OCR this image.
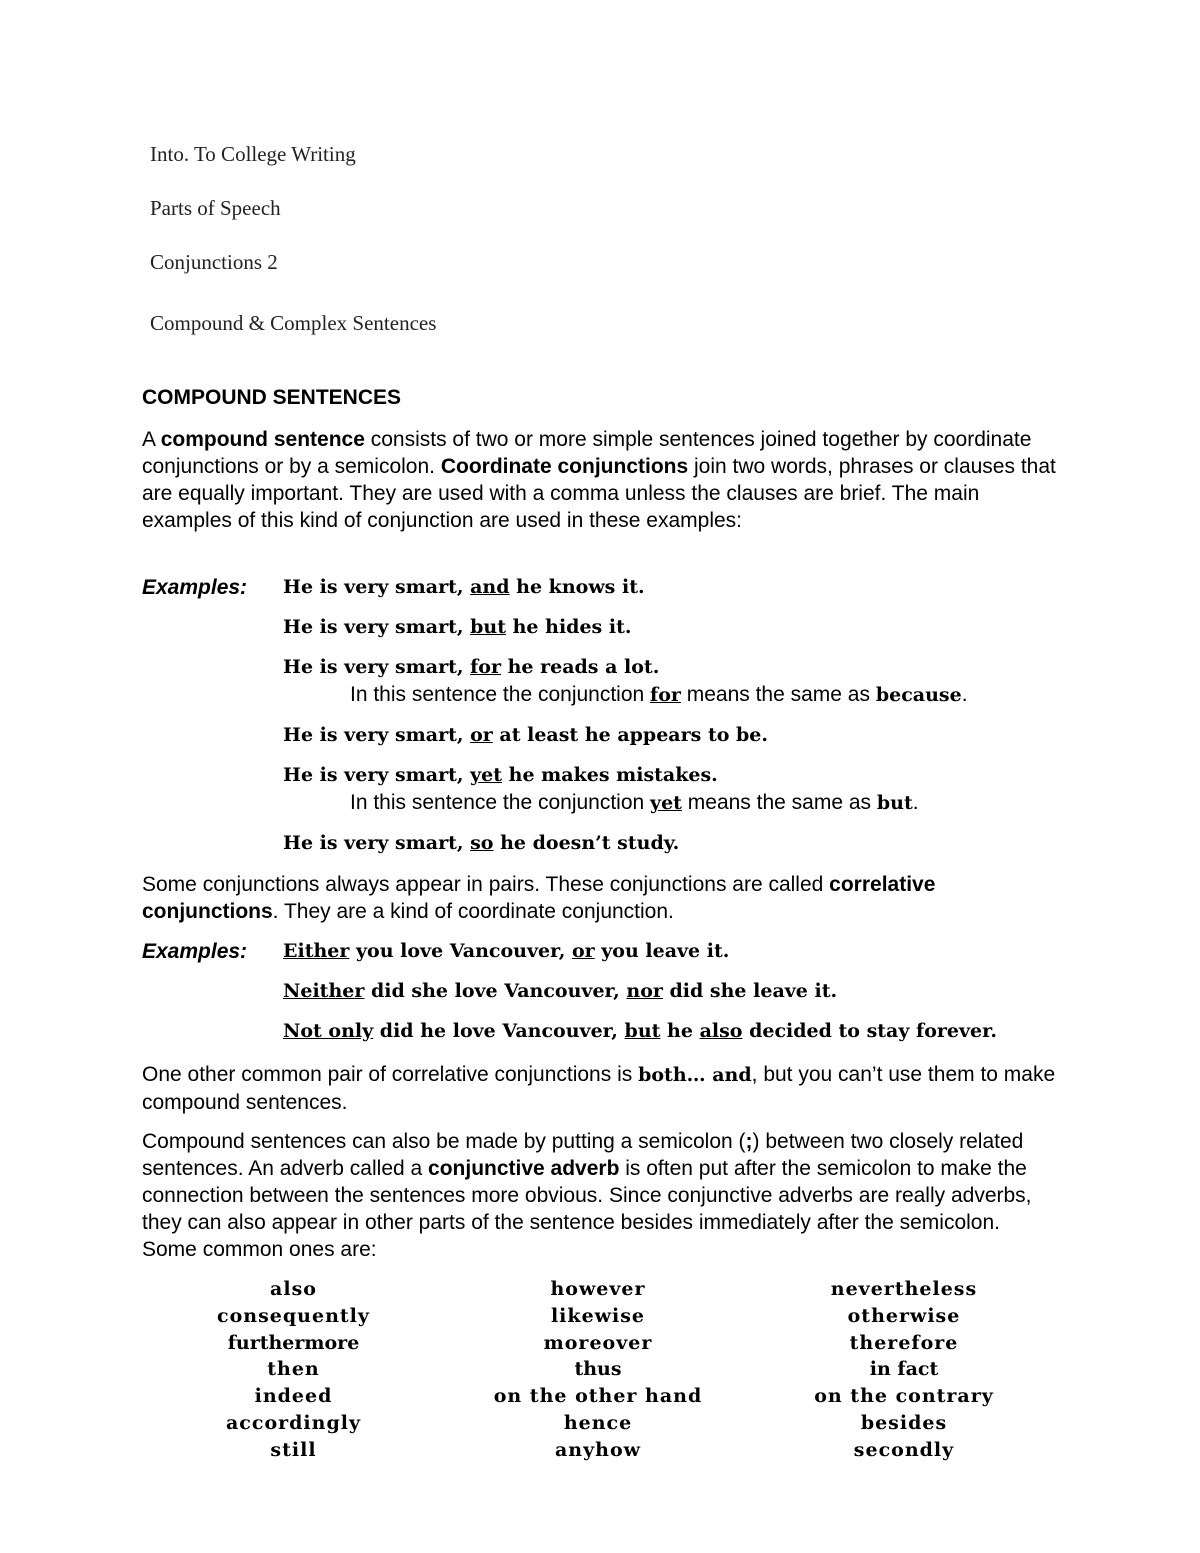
Into. To College Writing
Parts of Speech
Conjunctions 2
Compound & Complex Sentences
COMPOUND SENTENCES
A compound sentence consists of two or more simple sentences joined together by coordinate conjunctions or by a semicolon. Coordinate conjunctions join two words, phrases or clauses that are equally important. They are used with a comma unless the clauses are brief. The main examples of this kind of conjunction are used in these examples:
Examples: He is very smart, and he knows it.
He is very smart, but he hides it.
He is very smart, for he reads a lot.
In this sentence the conjunction for means the same as because.
He is very smart, or at least he appears to be.
He is very smart, yet he makes mistakes.
In this sentence the conjunction yet means the same as but.
He is very smart, so he doesn’t study.
Some conjunctions always appear in pairs. These conjunctions are called correlative conjunctions. They are a kind of coordinate conjunction.
Examples: Either you love Vancouver, or you leave it.
Neither did she love Vancouver, nor did she leave it.
Not only did he love Vancouver, but he also decided to stay forever.
One other common pair of correlative conjunctions is both… and, but you can’t use them to make compound sentences.
Compound sentences can also be made by putting a semicolon (;) between two closely related sentences. An adverb called a conjunctive adverb is often put after the semicolon to make the connection between the sentences more obvious. Since conjunctive adverbs are really adverbs, they can also appear in other parts of the sentence besides immediately after the semicolon. Some common ones are:
also
consequently
furthermore
then
indeed
accordingly
still
however
likewise
moreover
thus
on the other hand
hence
anyhow
nevertheless
otherwise
therefore
in fact
on the contrary
besides
secondly
